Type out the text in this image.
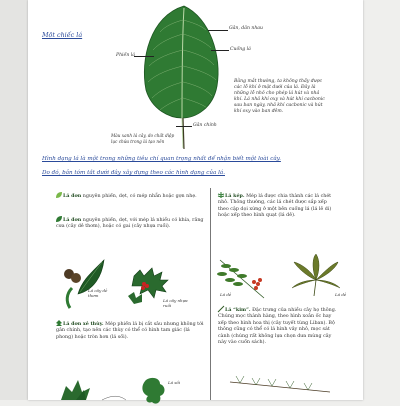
Một chiếc lá
Gân, dân nhau
Cuống lá
Phiến lá
Gân chính
Màu xanh lá cây, do chất diệp lục chứa trong lá tạo nên
Bằng mắt thường, ta không thấy được các lỗ khí ở mặt dưới của lá. Đây là những lỗ nhỏ cho phép lá hút và nhả khí. Lá nhả khí oxy và hút khí cacbonic sau ban ngày, nhả khí cacbonic và hút khí oxy vào ban đêm.
Hình dạng lá là một trong những tiêu chí quan trọng nhất để nhận biết một loài cây.
Do đó, bản tóm tắt dưới đây xây dựng theo các hình dạng của lá.
Lá đơn nguyên phiến, dẹt, có mép nhẵn hoặc gợn nhẹ.
Lá đơn nguyên phiến, dẹt, với mép lá nhiều có khía, răng cưa (cây dẻ thơm), hoặc có gai (cây nhựa ruồi).
Lá cây dẻ thơm
Lá cây nhựa ruồi
Lá đơn xẻ thùy. Mép phiến lá bị cắt sâu nhưng không tới gân chính, tạo nên các thùy có thể có hình tam giác (lá phong) hoặc tròn hơn (lá sồi).
Lá sồi
Lá kép. Mép lá được chia thành các lá chét nhỏ. Thông thường, các lá chét được sắp xếp theo cặp dọi xứng ở một bên cuống lá (lá lê di) hoặc xếp theo hình quạt (lá dẻ).
Lá dẻ	Lá dẻ
Lá “kim”. Đặc trưng của nhiều cây họ thông. Chúng mọc thành hàng, theo hình xoắn ốc hay xếp theo hình hoa thị (cây tuyết tùng Liban). Bộ thông cũng có thể có lá hình vảy nhỏ, mọc sát cành (chúng rất không lựa chọn dưa mùng cây này vào cuốn sách).
